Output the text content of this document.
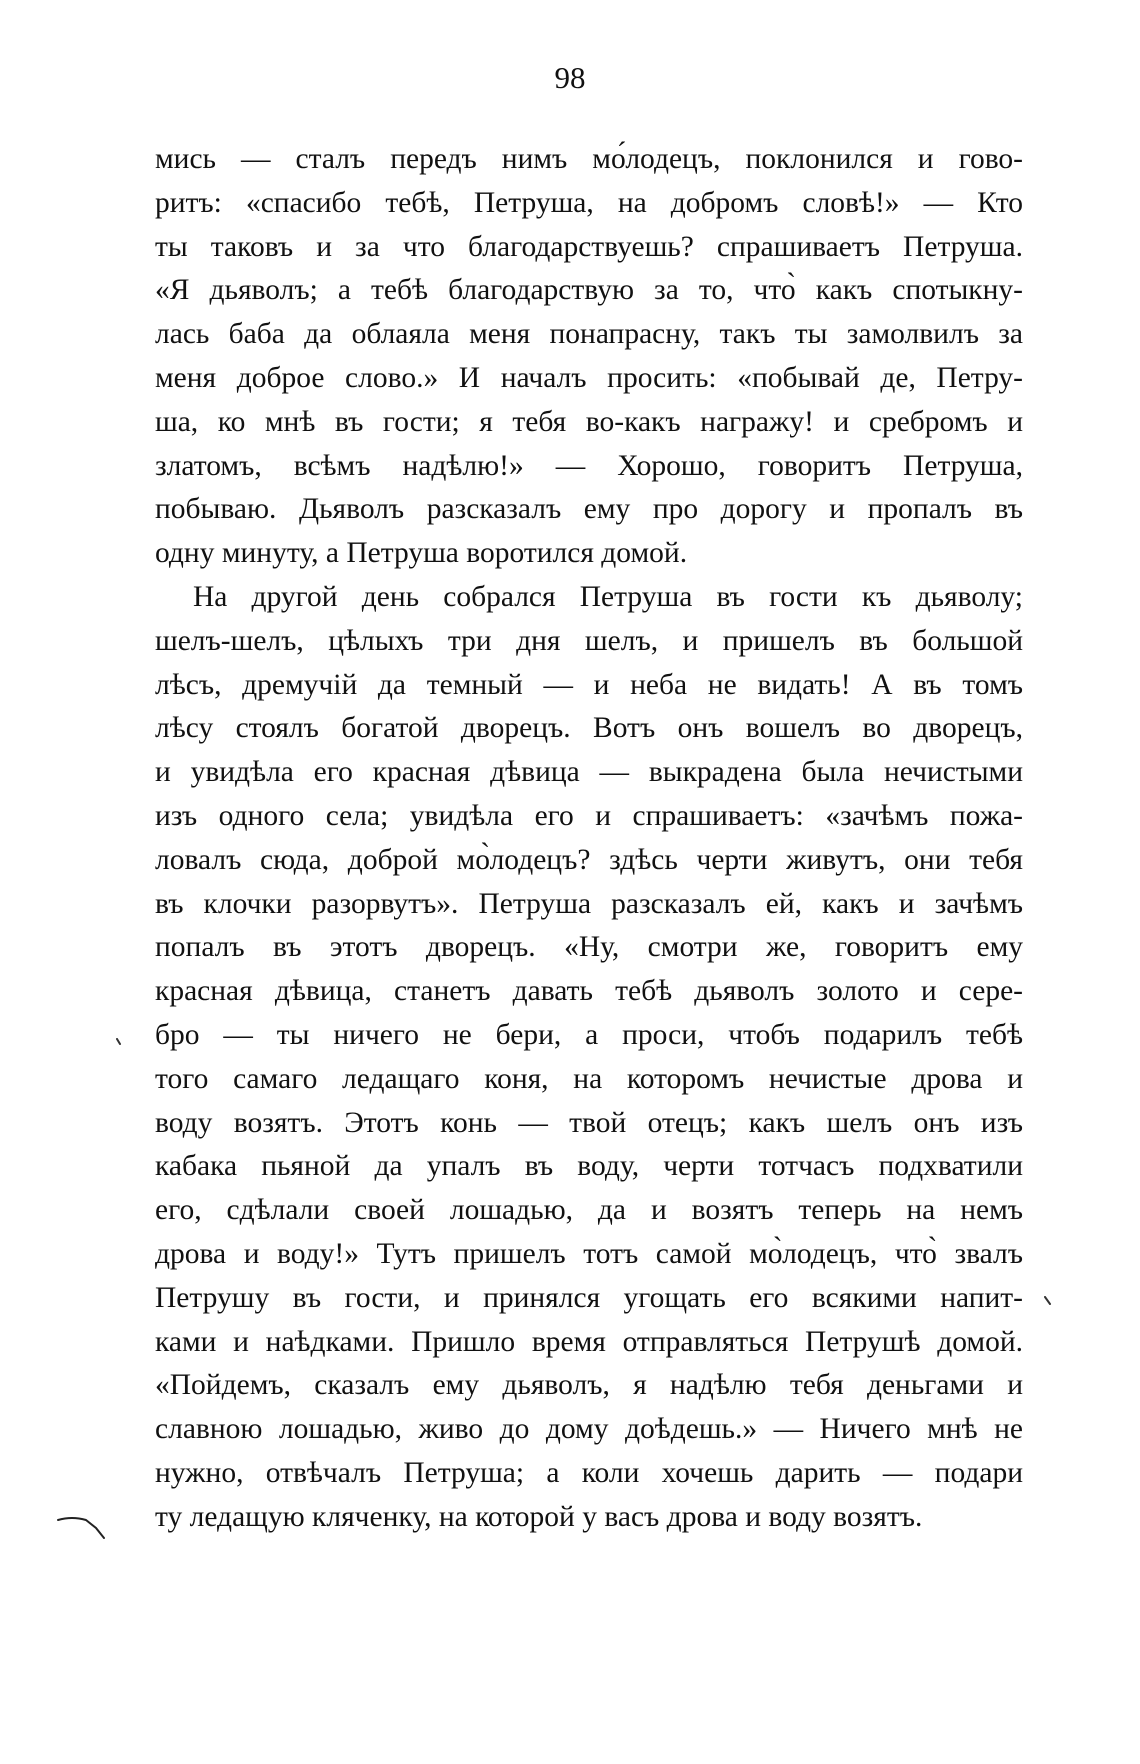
98
мись — сталъ передъ нимъ мо́лодецъ, поклонился и гово-
ритъ: «спасибо тебѣ, Петруша, на добромъ словѣ!» — Кто
ты таковъ и за что благодарствуешь? спрашиваетъ Петруша.
«Я дьяволъ; а тебѣ благодарствую за то, что̀ какъ спотыкну-
лась баба да облаяла меня понапрасну, такъ ты замолвилъ за
меня доброе слово.» И началъ просить: «побывай де, Петру-
ша, ко мнѣ въ гости; я тебя во-какъ награжу! и сребромъ и
златомъ, всѣмъ надѣлю!» — Хорошо, говоритъ Петруша,
побываю. Дьяволъ разсказалъ ему про дорогу и пропалъ въ
одну минуту, а Петруша воротился домой.
На другой день собрался Петруша въ гости къ дьяволу;
шелъ-шелъ, цѣлыхъ три дня шелъ, и пришелъ въ большой
лѣсъ, дремучій да темный — и неба не видать! А въ томъ
лѣсу стоялъ богатой дворецъ. Вотъ онъ вошелъ во дворецъ,
и увидѣла его красная дѣвица — выкрадена была нечистыми
изъ одного села; увидѣла его и спрашиваетъ: «зачѣмъ пожа-
ловалъ сюда, доброй мо̀лодецъ? здѣсь черти живутъ, они тебя
въ клочки разорвутъ». Петруша разсказалъ ей, какъ и зачѣмъ
попалъ въ этотъ дворецъ. «Ну, смотри же, говоритъ ему
красная дѣвица, станетъ давать тебѣ дьяволъ золото и сере-
бро — ты ничего не бери, а проси, чтобъ подарилъ тебѣ
того самаго ледащаго коня, на которомъ нечистые дрова и
воду возятъ. Этотъ конь — твой отецъ; какъ шелъ онъ изъ
кабака пьяной да упалъ въ воду, черти тотчасъ подхватили
его, сдѣлали своей лошадью, да и возятъ теперь на немъ
дрова и воду!» Тутъ пришелъ тотъ самой мо̀лодецъ, что̀ звалъ
Петрушу въ гости, и принялся угощать его всякими напит-
ками и наѣдками. Пришло время отправляться Петрушѣ домой.
«Пойдемъ, сказалъ ему дьяволъ, я надѣлю тебя деньгами и
славною лошадью, живо до дому доѣдешь.» — Ничего мнѣ не
нужно, отвѣчалъ Петруша; а коли хочешь дарить — подари
ту ледащую кляченку, на которой у васъ дрова и воду возятъ.
